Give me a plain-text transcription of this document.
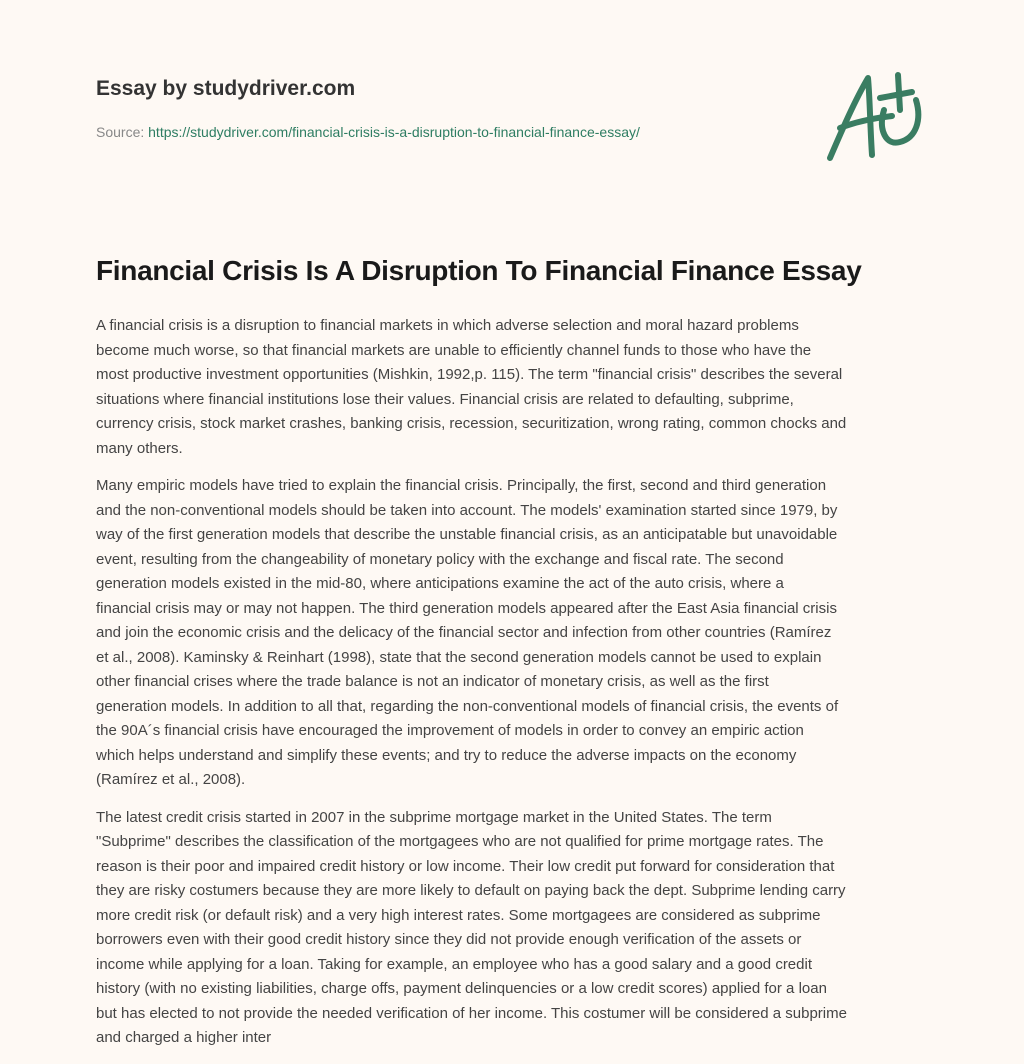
Essay by studydriver.com
Source: https://studydriver.com/financial-crisis-is-a-disruption-to-financial-finance-essay/
Financial Crisis Is A Disruption To Financial Finance Essay
A financial crisis is a disruption to financial markets in which adverse selection and moral hazard problems
become much worse, so that financial markets are unable to efficiently channel funds to those who have the
most productive investment opportunities (Mishkin, 1992,p. 115). The term "financial crisis" describes the several
situations where financial institutions lose their values. Financial crisis are related to defaulting, subprime,
currency crisis, stock market crashes, banking crisis, recession, securitization, wrong rating, common chocks and
many others.
Many empiric models have tried to explain the financial crisis. Principally, the first, second and third generation
and the non-conventional models should be taken into account. The models' examination started since 1979, by
way of the first generation models that describe the unstable financial crisis, as an anticipatable but unavoidable
event, resulting from the changeability of monetary policy with the exchange and fiscal rate. The second
generation models existed in the mid-80, where anticipations examine the act of the auto crisis, where a
financial crisis may or may not happen. The third generation models appeared after the East Asia financial crisis
and join the economic crisis and the delicacy of the financial sector and infection from other countries (Ramírez
et al., 2008). Kaminsky & Reinhart (1998), state that the second generation models cannot be used to explain
other financial crises where the trade balance is not an indicator of monetary crisis, as well as the first
generation models. In addition to all that, regarding the non-conventional models of financial crisis, the events of
the 90A´s financial crisis have encouraged the improvement of models in order to convey an empiric action
which helps understand and simplify these events; and try to reduce the adverse impacts on the economy
(Ramírez et al., 2008).
The latest credit crisis started in 2007 in the subprime mortgage market in the United States. The term
"Subprime" describes the classification of the mortgagees who are not qualified for prime mortgage rates. The
reason is their poor and impaired credit history or low income. Their low credit put forward for consideration that
they are risky costumers because they are more likely to default on paying back the dept. Subprime lending carry
more credit risk (or default risk) and a very high interest rates. Some mortgagees are considered as subprime
borrowers even with their good credit history since they did not provide enough verification of the assets or
income while applying for a loan. Taking for example, an employee who has a good salary and a good credit
history (with no existing liabilities, charge offs, payment delinquencies or a low credit scores) applied for a loan
but has elected to not provide the needed verification of her income. This costumer will be considered a subprime
and charged a higher inter
